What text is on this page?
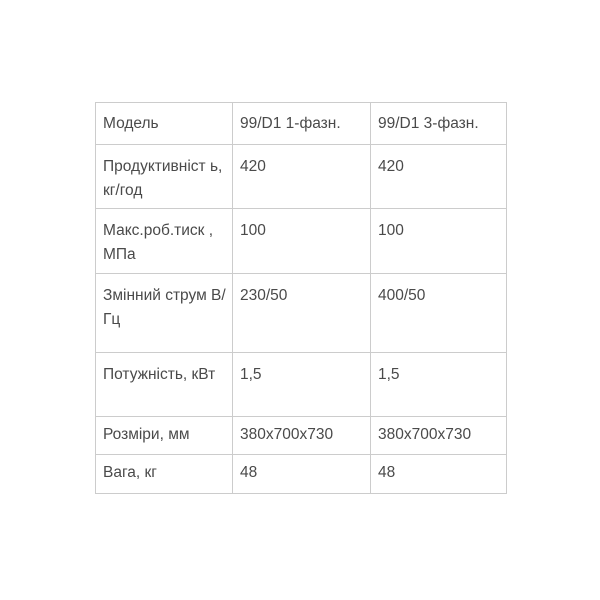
Модель	99/D1 1-фазн.	99/D1 3-фазн.
Продуктивніст ь, кг/год	420	420
Макс.роб.тиск , МПа	100	100
Змінний струм В/Гц	230/50	400/50
Потужність, кВт	1,5	1,5
Розміри, мм	380x700x730	380x700x730
Вага, кг	48	48
